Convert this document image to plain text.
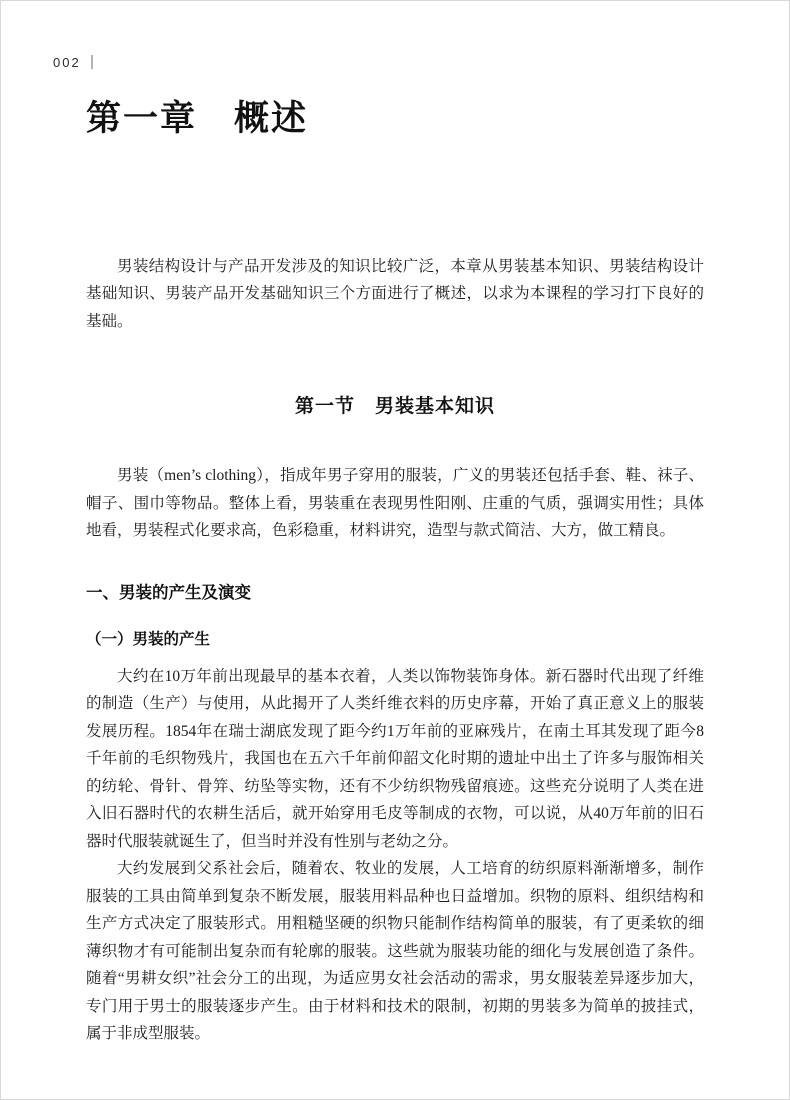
002
第一章　概述

男装结构设计与产品开发涉及的知识比较广泛，本章从男装基本知识、男装结构设计基础知识、男装产品开发基础知识三个方面进行了概述，以求为本课程的学习打下良好的基础。

第一节　男装基本知识

男装（men’s clothing），指成年男子穿用的服装，广义的男装还包括手套、鞋、袜子、帽子、围巾等物品。整体上看，男装重在表现男性阳刚、庄重的气质，强调实用性；具体地看，男装程式化要求高，色彩稳重，材料讲究，造型与款式简洁、大方，做工精良。

一、男装的产生及演变
（一）男装的产生

大约在10万年前出现最早的基本衣着，人类以饰物装饰身体。新石器时代出现了纤维的制造（生产）与使用，从此揭开了人类纤维衣料的历史序幕，开始了真正意义上的服装发展历程。1854年在瑞士湖底发现了距今约1万年前的亚麻残片，在南土耳其发现了距今8千年前的毛织物残片，我国也在五六千年前仰韶文化时期的遗址中出土了许多与服饰相关的纺轮、骨针、骨笄、纺坠等实物，还有不少纺织物残留痕迹。这些充分说明了人类在进入旧石器时代的农耕生活后，就开始穿用毛皮等制成的衣物，可以说，从40万年前的旧石器时代服装就诞生了，但当时并没有性别与老幼之分。

大约发展到父系社会后，随着农、牧业的发展，人工培育的纺织原料渐渐增多，制作服装的工具由简单到复杂不断发展，服装用料品种也日益增加。织物的原料、组织结构和生产方式决定了服装形式。用粗糙坚硬的织物只能制作结构简单的服装，有了更柔软的细薄织物才有可能制出复杂而有轮廓的服装。这些就为服装功能的细化与发展创造了条件。随着“男耕女织”社会分工的出现，为适应男女社会活动的需求，男女服装差异逐步加大，专门用于男士的服装逐步产生。由于材料和技术的限制，初期的男装多为简单的披挂式，属于非成型服装。
